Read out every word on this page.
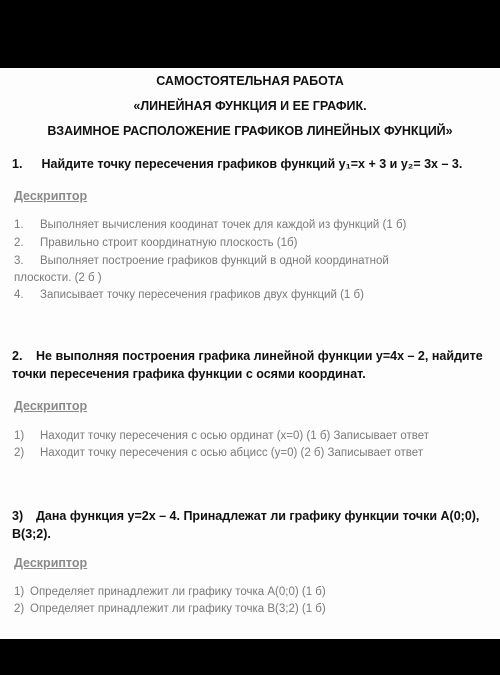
САМОСТОЯТЕЛЬНАЯ РАБОТА
«ЛИНЕЙНАЯ ФУНКЦИЯ И ЕЕ ГРАФИК.
ВЗАИМНОЕ РАСПОЛОЖЕНИЕ ГРАФИКОВ ЛИНЕЙНЫХ ФУНКЦИЙ»
1. Найдите точку пересечения графиков функций y₁=x + 3 и y₂= 3x – 3.
Дескриптор
1. Выполняет вычисления коодинат точек для каждой из функций (1 б)
2. Правильно строит координатную плоскость (1б)
3. Выполняет построение графиков функций в одной координатной
плоскости. (2 б )
4. Записывает точку пересечения графиков двух функций (1 б)
2. Не выполняя построения графика линейной функции y=4x – 2, найдите
точки пересечения графика функции с осями координат.
Дескриптор
1) Находит точку пересечения с осью ординат (x=0) (1 б) Записывает ответ
2) Находит точку пересечения с осью абцисс (y=0) (2 б) Записывает ответ
3) Дана функция y=2x – 4. Принадлежат ли графику функции точки A(0;0),
B(3;2).
Дескриптор
1) Определяет принадлежит ли графику точка A(0;0) (1 б)
2) Определяет принадлежит ли графику точка B(3;2) (1 б)
